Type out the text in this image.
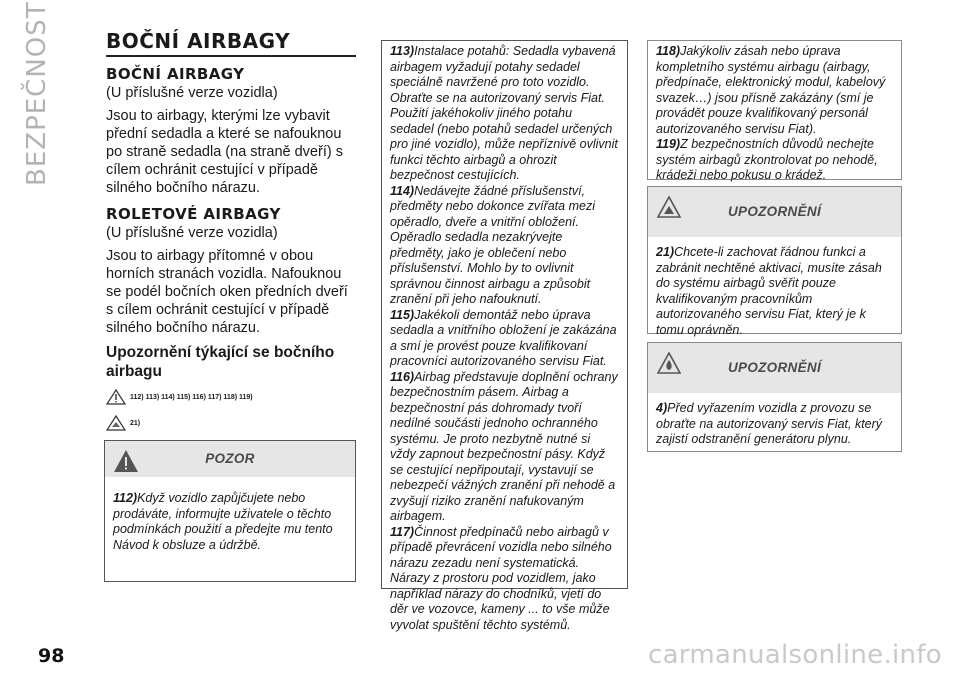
BEZPEČNOST	BOČNÍ AIRBAGY
BOČNÍ AIRBAGY
(U příslušné verze vozidla)
Jsou to airbagy, kterými lze vybavit přední sedadla a které se nafouknou po straně sedadla (na straně dveří) s cílem ochránit cestující v případě silného bočního nárazu.
ROLETOVÉ AIRBAGY
(U příslušné verze vozidla)
Jsou to airbagy přítomné v obou horních stranách vozidla. Nafouknou se podél bočních oken předních dveří s cílem ochránit cestující v případě silného bočního nárazu.
Upozornění týkající se bočního airbagu
112) 113) 114) 115) 116) 117) 118) 119)
21)
POZOR
112)Když vozidlo zapůjčujete nebo prodáváte, informujte uživatele o těchto podmínkách použití a předejte mu tento Návod k obsluze a údržbě.
113)Instalace potahů: Sedadla vybavená airbagem vyžadují potahy sedadel speciálně navržené pro toto vozidlo. Obraťte se na autorizovaný servis Fiat. Použití jakéhokoliv jiného potahu sedadel (nebo potahů sedadel určených pro jiné vozidlo), může nepříznivě ovlivnit funkci těchto airbagů a ohrozit bezpečnost cestujících.
114)Nedávejte žádné příslušenství, předměty nebo dokonce zvířata mezi opěradlo, dveře a vnitřní obložení. Opěradlo sedadla nezakrývejte předměty, jako je oblečení nebo příslušenství. Mohlo by to ovlivnit správnou činnost airbagu a způsobit zranění při jeho nafouknutí.
115)Jakékoli demontáž nebo úprava sedadla a vnitřního obložení je zakázána a smí je provést pouze kvalifikovaní pracovníci autorizovaného servisu Fiat.
116)Airbag představuje doplnění ochrany bezpečnostním pásem. Airbag a bezpečnostní pás dohromady tvoří nedílné součásti jednoho ochranného systému. Je proto nezbytně nutné si vždy zapnout bezpečnostní pásy. Když se cestující nepřipoutají, vystavují se nebezpečí vážných zranění při nehodě a zvyšují riziko zranění nafukovaným airbagem.
117)Činnost předpínačů nebo airbagů v případě převrácení vozidla nebo silného nárazu zezadu není systematická. Nárazy z prostoru pod vozidlem, jako například nárazy do chodníků, vjetí do děr ve vozovce, kameny ... to vše může vyvolat spuštění těchto systémů.
118)Jakýkoliv zásah nebo úprava kompletního systému airbagu (airbagy, předpínače, elektronický modul, kabelový svazek…) jsou přísně zakázány (smí je provádět pouze kvalifikovaný personál autorizovaného servisu Fiat).
119)Z bezpečnostních důvodů nechejte systém airbagů zkontrolovat po nehodě, krádeži nebo pokusu o krádež.
UPOZORNĚNÍ
21)Chcete-li zachovat řádnou funkci a zabránit nechtěné aktivaci, musíte zásah do systému airbagů svěřit pouze kvalifikovaným pracovníkům autorizovaného servisu Fiat, který je k tomu oprávněn.
UPOZORNĚNÍ
4)Před vyřazením vozidla z provozu se obraťte na autorizovaný servis Fiat, který zajistí odstranění generátoru plynu.
98	carmanualsonline.info
